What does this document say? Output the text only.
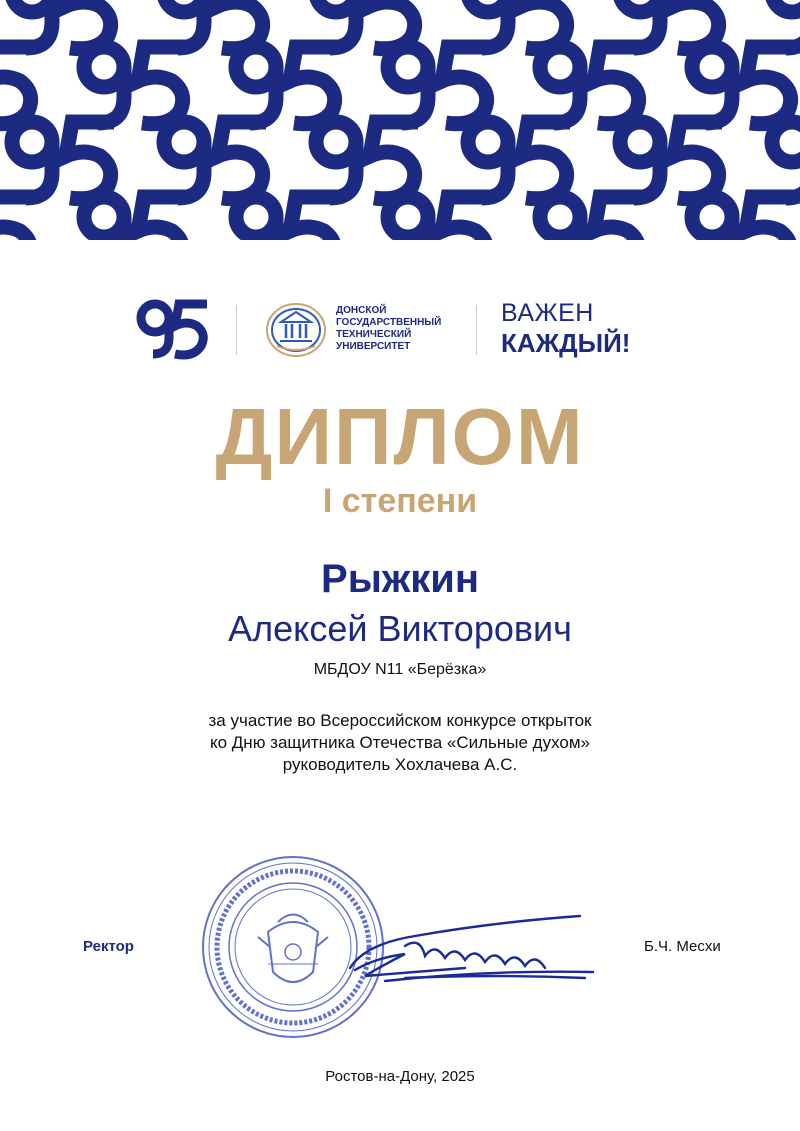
ДОНСКОЙ
ГОСУДАРСТВЕННЫЙ
ТЕХНИЧЕСКИЙ
УНИВЕРСИТЕТ
ВАЖЕН
КАЖДЫЙ!
ДИПЛОМ
I степени
Рыжкин
Алексей Викторович
МБДОУ N11 «Берёзка»
за участие во Всероссийском конкурсе открыток
ко Дню защитника Отечества «Сильные духом»
руководитель Хохлачева А.С.
Ректор	Б.Ч. Месхи
Ростов-на-Дону, 2025
